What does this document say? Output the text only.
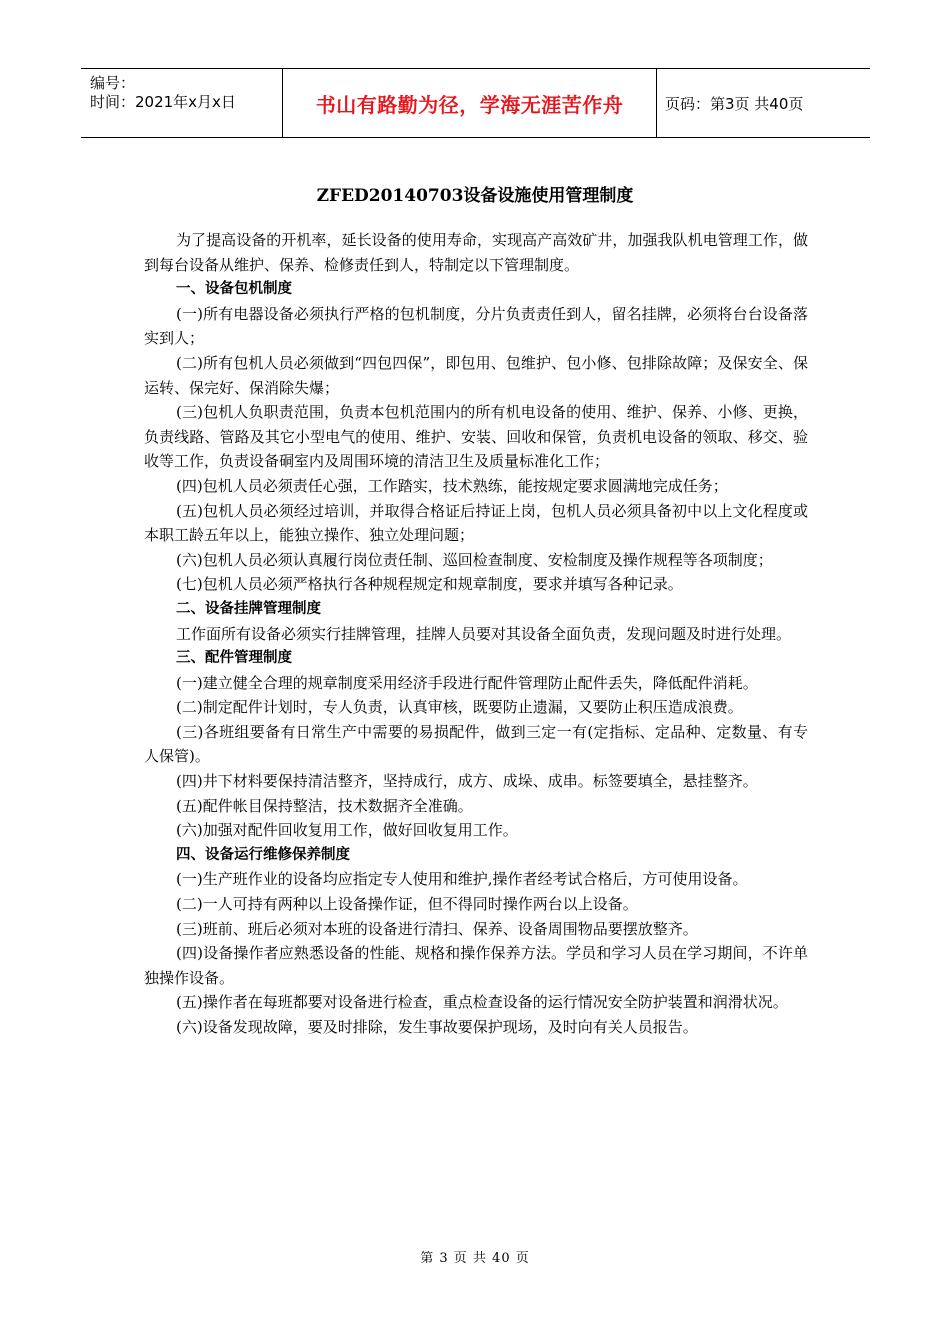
编号：
时间：2021年x月x日	书山有路勤为径，学海无涯苦作舟	页码：第3页 共40页
ZFED20140703设备设施使用管理制度

为了提高设备的开机率，延长设备的使用寿命，实现高产高效矿井，加强我队机电管理工作，做到每台设备从维护、保养、检修责任到人，特制定以下管理制度。

一、设备包机制度

(一)所有电器设备必须执行严格的包机制度，分片负责责任到人，留名挂牌，必须将台台设备落实到人；

(二)所有包机人员必须做到“四包四保”，即包用、包维护、包小修、包排除故障；及保安全、保运转、保完好、保消除失爆；

(三)包机人负职责范围，负责本包机范围内的所有机电设备的使用、维护、保养、小修、更换，负责线路、管路及其它小型电气的使用、维护、安装、回收和保管，负责机电设备的领取、移交、验收等工作，负责设备硐室内及周围环境的清洁卫生及质量标准化工作；

(四)包机人员必须责任心强，工作踏实，技术熟练，能按规定要求圆满地完成任务；

(五)包机人员必须经过培训，并取得合格证后持证上岗，包机人员必须具备初中以上文化程度或本职工龄五年以上，能独立操作、独立处理问题；

(六)包机人员必须认真履行岗位责任制、巡回检查制度、安检制度及操作规程等各项制度；

(七)包机人员必须严格执行各种规程规定和规章制度，要求并填写各种记录。

二、设备挂牌管理制度

工作面所有设备必须实行挂牌管理，挂牌人员要对其设备全面负责，发现问题及时进行处理。

三、配件管理制度

(一)建立健全合理的规章制度采用经济手段进行配件管理防止配件丢失，降低配件消耗。

(二)制定配件计划时，专人负责，认真审核，既要防止遗漏，又要防止积压造成浪费。

(三)各班组要备有日常生产中需要的易损配件，做到三定一有(定指标、定品种、定数量、有专人保管)。

(四)井下材料要保持清洁整齐，坚持成行，成方、成垛、成串。标签要填全，悬挂整齐。

(五)配件帐目保持整洁，技术数据齐全准确。

(六)加强对配件回收复用工作，做好回收复用工作。

四、设备运行维修保养制度

(一)生产班作业的设备均应指定专人使用和维护,操作者经考试合格后，方可使用设备。

(二)一人可持有两种以上设备操作证，但不得同时操作两台以上设备。

(三)班前、班后必须对本班的设备进行清扫、保养、设备周围物品要摆放整齐。

(四)设备操作者应熟悉设备的性能、规格和操作保养方法。学员和学习人员在学习期间，不许单独操作设备。

(五)操作者在每班都要对设备进行检查，重点检查设备的运行情况安全防护装置和润滑状况。

(六)设备发现故障，要及时排除，发生事故要保护现场，及时向有关人员报告。

第 3 页 共 40 页
